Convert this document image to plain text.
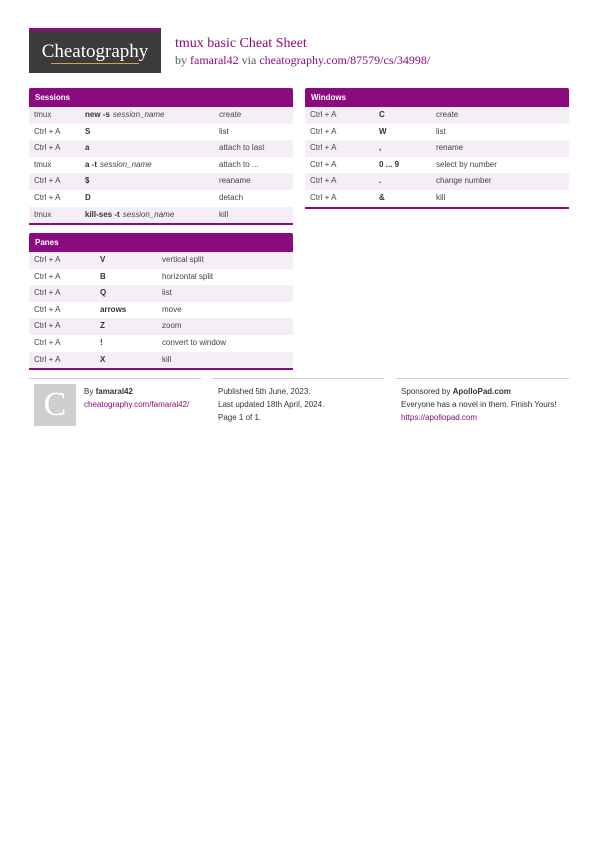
Cheatography tmux basic Cheat Sheet
by famaral42 via cheatography.com/87579/cs/34998/
Sessions
tmux	new -s session_name	create
Ctrl + A	S	list
Ctrl + A	a	attach to last
tmux	a -t session_name	attach to ...
Ctrl + A	$	reaname
Ctrl + A	D	detach
tmux	kill-ses -t session_name	kill
Panes
Ctrl + A	V	vertical split
Ctrl + A	B	horizontal split
Ctrl + A	Q	list
Ctrl + A	arrows	move
Ctrl + A	Z	zoom
Ctrl + A	!	convert to window
Ctrl + A	X	kill
Windows
Ctrl + A	C	create
Ctrl + A	W	list
Ctrl + A	,	rename
Ctrl + A	0 ... 9	select by number
Ctrl + A	.	change number
Ctrl + A	&	kill
C By famaral42
cheatography.com/famaral42/
Published 5th June, 2023.
Last updated 18th April, 2024.
Page 1 of 1.
Sponsored by ApolloPad.com
Everyone has a novel in them. Finish Yours!
https://apollopad.com
